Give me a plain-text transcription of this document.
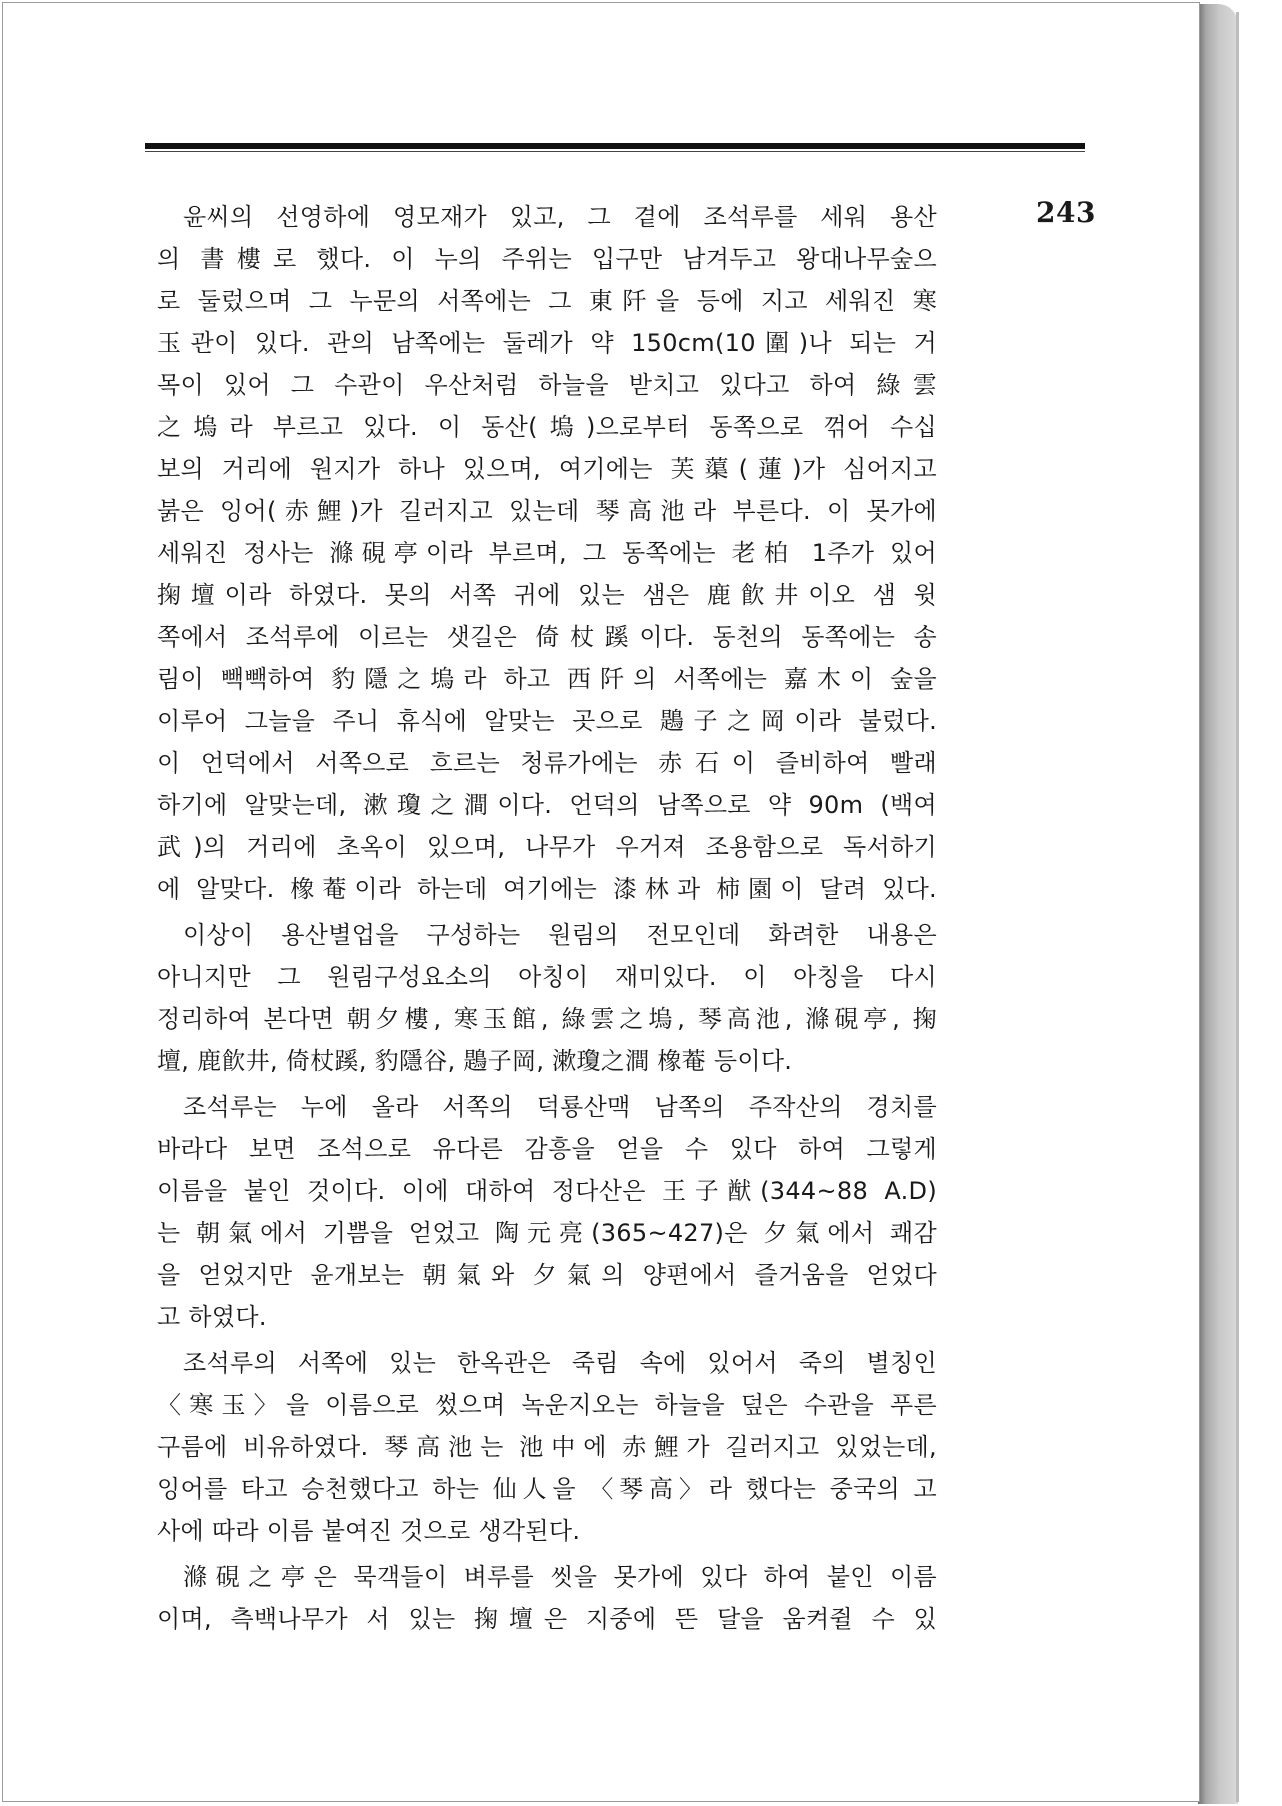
243
윤씨의 선영하에 영모재가 있고, 그 곁에 조석루를 세워 용산
의 書樓로 했다. 이 누의 주위는 입구만 남겨두고 왕대나무숲으
로 둘렀으며 그 누문의 서쪽에는 그 東阡을 등에 지고 세워진 寒
玉관이 있다. 관의 남쪽에는 둘레가 약 150cm(10圍)나 되는 거
목이 있어 그 수관이 우산처럼 하늘을 받치고 있다고 하여 綠雲
之塢라 부르고 있다. 이 동산(塢)으로부터 동쪽으로 꺾어 수십
보의 거리에 원지가 하나 있으며, 여기에는 芙蕖(蓮)가 심어지고
붉은 잉어(赤鯉)가 길러지고 있는데 琴高池라 부른다. 이 못가에
세워진 정사는 滌硯亭이라 부르며, 그 동쪽에는 老柏 1주가 있어
掬壇이라 하였다. 못의 서쪽 귀에 있는 샘은 鹿飮井이오 샘 윗
쪽에서 조석루에 이르는 샛길은 倚杖蹊이다. 동천의 동쪽에는 송
림이 빽빽하여 豹隱之塢라 하고 西阡의 서쪽에는 嘉木이 숲을
이루어 그늘을 주니 휴식에 알맞는 곳으로 鶗子之岡이라 불렀다.
이 언덕에서 서쪽으로 흐르는 청류가에는 赤石이 즐비하여 빨래
하기에 알맞는데, 漱瓊之澗이다. 언덕의 남쪽으로 약 90m (백여
武)의 거리에 초옥이 있으며, 나무가 우거져 조용함으로 독서하기
에 알맞다. 橡菴이라 하는데 여기에는 漆林과 柿園이 달려 있다.
이상이 용산별업을 구성하는 원림의 전모인데 화려한 내용은
아니지만 그 원림구성요소의 아칭이 재미있다. 이 아칭을 다시
정리하여 본다면 朝夕樓, 寒玉館, 綠雲之塢, 琴高池, 滌硯亭, 掬
壇, 鹿飮井, 倚杖蹊, 豹隱谷, 鶗子岡, 漱瓊之澗 橡菴 등이다.
조석루는 누에 올라 서쪽의 덕룡산맥 남쪽의 주작산의 경치를
바라다 보면 조석으로 유다른 감흥을 얻을 수 있다 하여 그렇게
이름을 붙인 것이다. 이에 대하여 정다산은 王子猷(344~88 A.D)
는 朝氣에서 기쁨을 얻었고 陶元亮(365~427)은 夕氣에서 쾌감
을 얻었지만 윤개보는 朝氣와 夕氣의 양편에서 즐거움을 얻었다
고 하였다.
조석루의 서쪽에 있는 한옥관은 죽림 속에 있어서 죽의 별칭인
〈寒玉〉을 이름으로 썼으며 녹운지오는 하늘을 덮은 수관을 푸른
구름에 비유하였다. 琴高池는 池中에 赤鯉가 길러지고 있었는데,
잉어를 타고 승천했다고 하는 仙人을 〈琴高〉라 했다는 중국의 고
사에 따라 이름 붙여진 것으로 생각된다.
滌硯之亭은 묵객들이 벼루를 씻을 못가에 있다 하여 붙인 이름
이며, 측백나무가 서 있는 掬壇은 지중에 뜬 달을 움켜쥘 수 있
